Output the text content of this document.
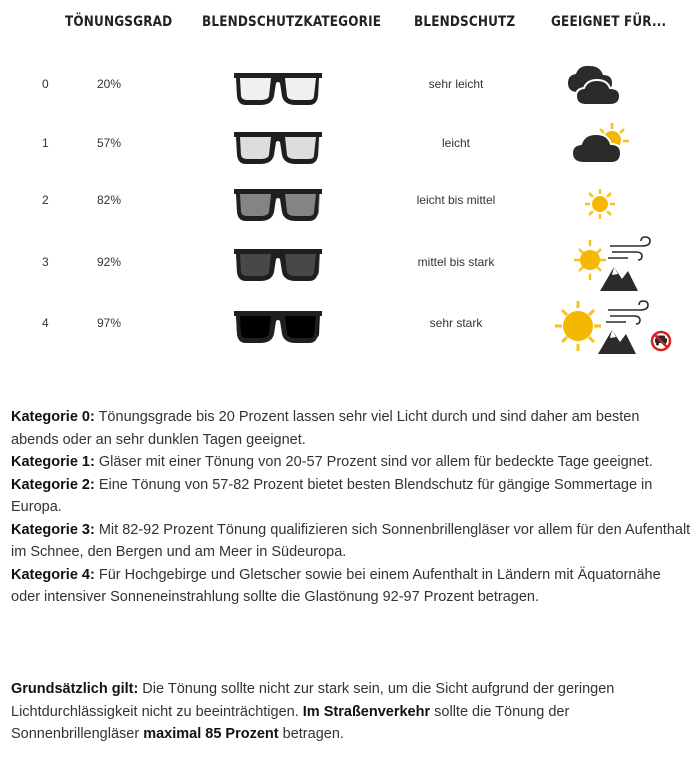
TÖNUNGSGRAD BLENDSCHUTZKATEGORIE BLENDSCHUTZ	GEEIGNET FÜR...
0	20%	sehr leicht
1	57%	leicht
2	82%	leicht bis mittel
3	92%	mittel bis stark
4	97%	sehr stark

Kategorie 0: Tönungsgrade bis 20 Prozent lassen sehr viel Licht durch und sind daher am besten abends oder an sehr dunklen Tagen geeignet.

Kategorie 1: Gläser mit einer Tönung von 20-57 Prozent sind vor allem für bedeckte Tage geeignet.

Kategorie 2: Eine Tönung von 57-82 Prozent bietet besten Blendschutz für gängige Sommertage in Europa.

Kategorie 3: Mit 82-92 Prozent Tönung qualifizieren sich Sonnenbrillengläser vor allem für den Aufenthalt im Schnee, den Bergen und am Meer in Südeuropa.

Kategorie 4: Für Hochgebirge und Gletscher sowie bei einem Aufenthalt in Ländern mit Äquatornähe oder intensiver Sonneneinstrahlung sollte die Glastönung 92-97 Prozent betragen.

Grundsätzlich gilt: Die Tönung sollte nicht zur stark sein, um die Sicht aufgrund der geringen Lichtdurchlässigkeit nicht zu beeinträchtigen. Im Straßenverkehr sollte die Tönung der Sonnenbrillengläser maximal 85 Prozent betragen.
